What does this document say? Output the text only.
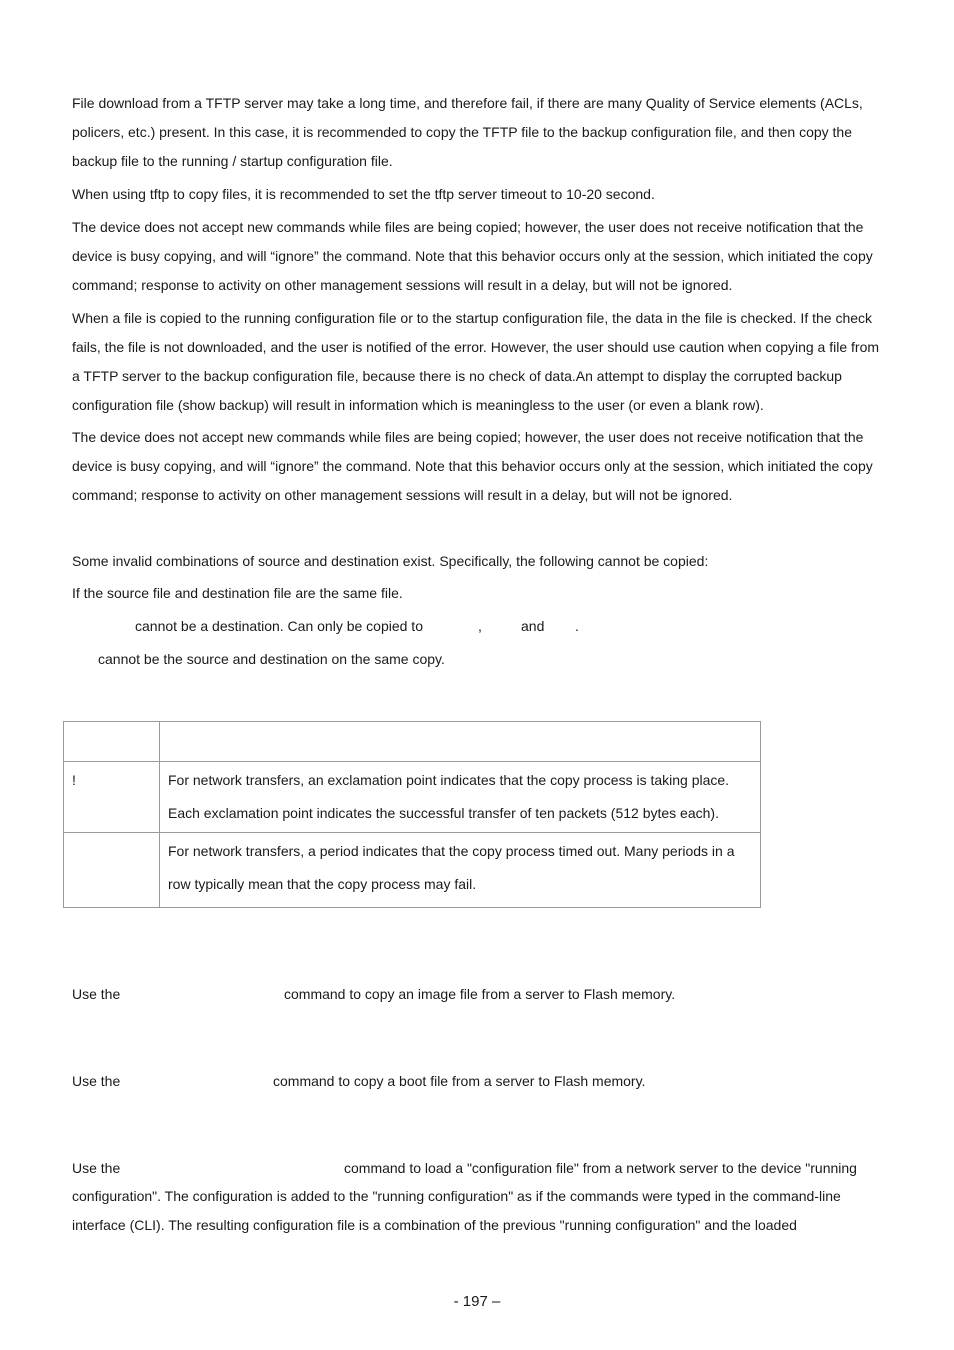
File download from a TFTP server may take a long time, and therefore fail, if there are many Quality of Service elements (ACLs, policers, etc.) present. In this case, it is recommended to copy the TFTP file to the backup configuration file, and then copy the backup file to the running / startup configuration file.

When using tftp to copy files, it is recommended to set the tftp server timeout to 10-20 second.

The device does not accept new commands while files are being copied; however, the user does not receive notification that the device is busy copying, and will “ignore” the command. Note that this behavior occurs only at the session, which initiated the copy command; response to activity on other management sessions will result in a delay, but will not be ignored.

When a file is copied to the running configuration file or to the startup configuration file, the data in the file is checked. If the check fails, the file is not downloaded, and the user is notified of the error. However, the user should use caution when copying a file from a TFTP server to the backup configuration file, because there is no check of data.An attempt to display the corrupted backup configuration file (show backup) will result in information which is meaningless to the user (or even a blank row).

The device does not accept new commands while files are being copied; however, the user does not receive notification that the device is busy copying, and will “ignore” the command. Note that this behavior occurs only at the session, which initiated the copy command; response to activity on other management sessions will result in a delay, but will not be ignored.

Some invalid combinations of source and destination exist. Specifically, the following cannot be copied:
If the source file and destination file are the same file.
cannot be a destination. Can only be copied to	,	and .
cannot be the source and destination on the same copy.

!	For network transfers, an exclamation point indicates that the copy process is taking place.
Each exclamation point indicates the successful transfer of ten packets (512 bytes each).

	For network transfers, a period indicates that the copy process timed out. Many periods in a
row typically mean that the copy process may fail.
Use the	command to copy an image file from a server to Flash memory.
Use the	command to copy a boot file from a server to Flash memory.
Use the	command to load a "configuration file" from a network server to the device "running
configuration". The configuration is added to the "running configuration" as if the commands were typed in the command-line
interface (CLI). The resulting configuration file is a combination of the previous "running configuration" and the loaded
- 197 –
